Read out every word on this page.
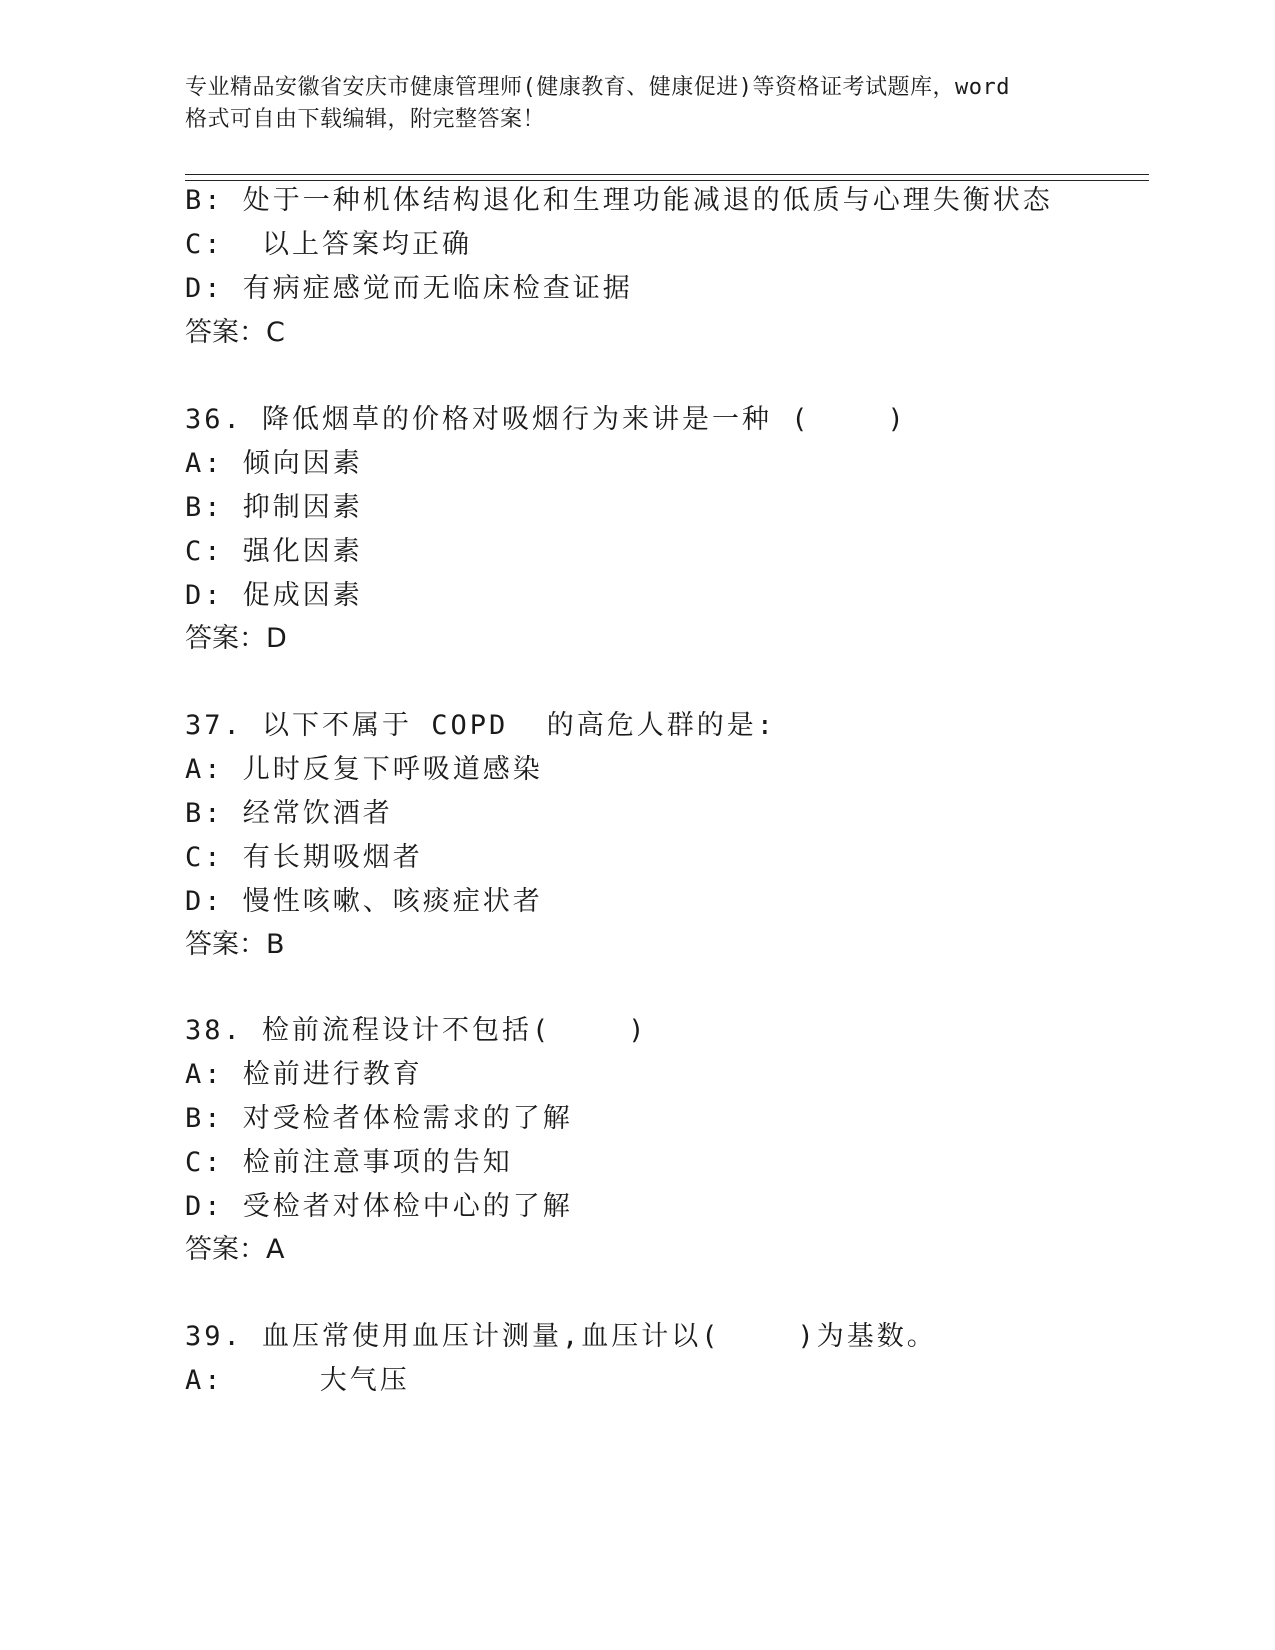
专业精品安徽省安庆市健康管理师(健康教育、健康促进)等资格证考试题库，word
格式可自由下载编辑，附完整答案！
B: 处于一种机体结构退化和生理功能减退的低质与心理失衡状态
C:  以上答案均正确
D: 有病症感觉而无临床检查证据
答案：C
36. 降低烟草的价格对吸烟行为来讲是一种 (    )
A: 倾向因素
B: 抑制因素
C: 强化因素
D: 促成因素
答案：D
37. 以下不属于 COPD  的高危人群的是:
A: 儿时反复下呼吸道感染
B: 经常饮酒者
C: 有长期吸烟者
D: 慢性咳嗽、咳痰症状者
答案：B
38. 检前流程设计不包括(    )
A: 检前进行教育
B: 对受检者体检需求的了解
C: 检前注意事项的告知
D: 受检者对体检中心的了解
答案：A
39. 血压常使用血压计测量,血压计以(    )为基数。
A:     大气压
